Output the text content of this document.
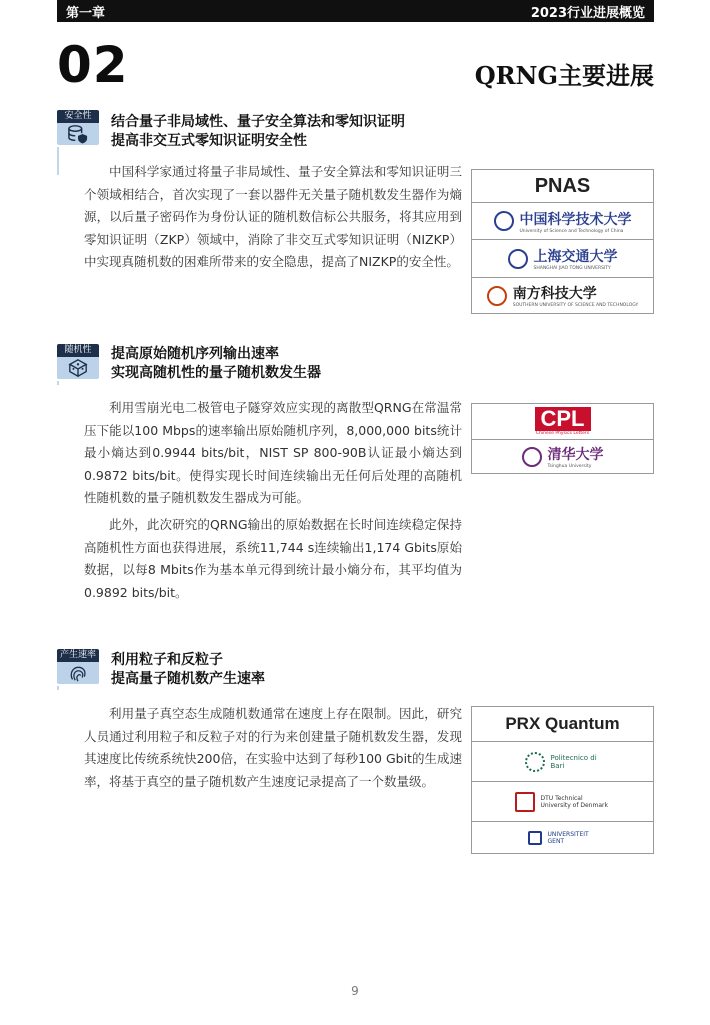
第一章	2023行业进展概览
02	QRNG主要进展
安全性	结合量子非局域性、量子安全算法和零知识证明
提高非交互式零知识证明安全性

中国科学家通过将量子非局域性、量子安全算法和零知识证明三个领域相结合，首次实现了一套以器件无关量子随机数发生器作为熵源，以后量子密码作为身份认证的随机数信标公共服务，将其应用到零知识证明（ZKP）领域中，消除了非交互式零知识证明（NIZKP）中实现真随机数的困难所带来的安全隐患，提高了NIZKP的安全性。

PNAS
中国科学技术大学
University of Science and Technology of China
上海交通大学
SHANGHAI JIAO TONG UNIVERSITY
南方科技大学
SOUTHERN UNIVERSITY OF SCIENCE AND TECHNOLOGY
随机性	提高原始随机序列输出速率
实现高随机性的量子随机数发生器

利用雪崩光电二极管电子隧穿效应实现的离散型QRNG在常温常压下能以100 Mbps的速率输出原始随机序列，8,000,000 bits统计最小熵达到0.9944 bits/bit，NIST SP 800-90B认证最小熵达到0.9872 bits/bit。使得实现长时间连续输出无任何后处理的高随机性随机数的量子随机数发生器成为可能。

此外，此次研究的QRNG输出的原始数据在长时间连续稳定保持高随机性方面也获得进展，系统11,744 s连续输出1,174 Gbits原始数据，以每8 Mbits作为基本单元得到统计最小熵分布，其平均值为0.9892 bits/bit。

CPL
Chinese Physics Letters
清华大学
Tsinghua University
产生速率 利用粒子和反粒子
提高量子随机数产生速率

利用量子真空态生成随机数通常在速度上存在限制。因此，研究人员通过利用粒子和反粒子对的行为来创建量子随机数发生器，发现其速度比传统系统快200倍，在实验中达到了每秒100 Gbit的生成速率，将基于真空的量子随机数产生速度记录提高了一个数量级。

PRX Quantum
Politecnico di Bari
DTU Technical University of Denmark
UNIVERSITEIT GENT
9
